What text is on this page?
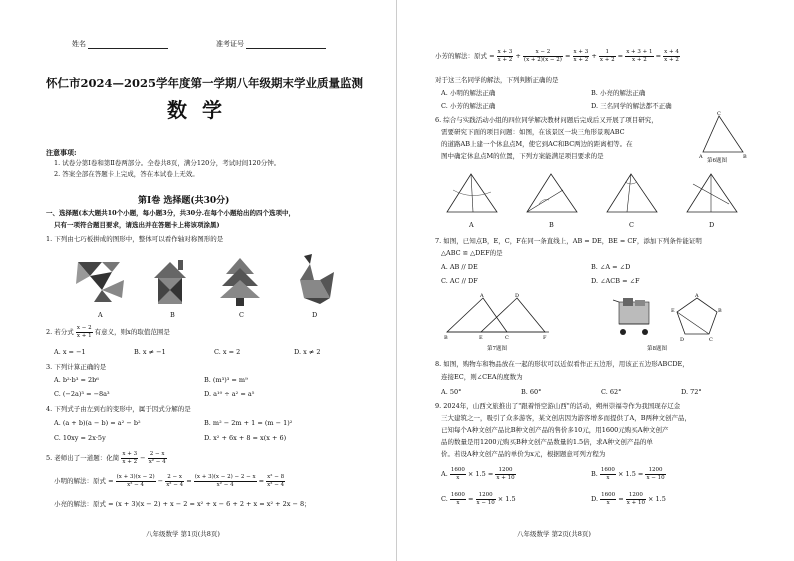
姓名	准考证号
怀仁市2024—2025学年度第一学期八年级期末学业质量监测
数 学
注意事项:
1. 试卷分第Ⅰ卷和第Ⅱ卷两部分。全卷共8页，满分120分，考试时间120分钟。
2. 答案全部在答题卡上完成，答在本试卷上无效。
第Ⅰ卷 选择题(共30分)
一、选择题(本大题共10个小题，每小题3分，共30分.在每个小题给出的四个选项中，
只有一项符合题目要求，请选出并在答题卡上将该项涂黑)
1. 下列由七巧板拼成的图形中，整体可以看作轴对称图形的是
A	B	C	D
2. 若分式 $\frac{x - 2}{x + 1}$ 有意义，则x的取值范围是
A. x = −1	B. x ≠ −1	C. x = 2	D. x ≠ 2
3. 下列计算正确的是
A. b²·b³ = 2b⁶	B. (m³)³ = m⁹
C. (−2a)³ = −8a³	D. a¹⁰ ÷ a² = a⁵
4. 下列式子由左到右的变形中，属于因式分解的是
A. (a + b)(a − b) = a² − b²	B. m² − 2m + 1 = (m − 1)²
C. 10xy = 2x·5y	D. x² + 6x + 8 = x(x + 6)
5. 老师出了一道题：化简 $\frac{x + 3}{x + 2} - \frac{2 - x}{\text{x² − 4}}$
小明的解法：原式 = $\frac{(x + 3)(x - 2)}{\text{x² − 4}} - \frac{2 - x}{\text{x² − 4}} = \frac{(x + 3)(x - 2) - 2 - x}{\text{x² − 4}} = \frac{\text{x² − 8}}{\text{x² − 4}}$
小亮的解法：原式 = (x + 3)(x − 2) + x − 2 = x² + x − 6 + 2 + x = x² + 2x − 8；
八年级数学 第1页(共8页)
小芳的解法：原式 = $\frac{x + 3}{x + 2} + \frac{x - 2}{(x + 2)(x - 2)} = \frac{x + 3}{x + 2} + \frac{1}{x + 2} = \frac{x + 3 + 1}{x + 2} = \frac{x + 4}{x + 2}$
对于这三名同学的解法，下列判断正确的是
A. 小明的解法正确	B. 小亮的解法正确
C. 小芳的解法正确	D. 三名同学的解法都不正确
6. 综合与实践活动小组的四位同学解决教材问题后完成后又开展了项目研究，
需要研究下面的项目问题：如图，在该景区一块三角形景观ABC
的道路AB上建一个休息点M，使它到AC和BC两边的距离相等。在
图中确定休息点M的位置，下列方案能满足项目要求的是
C
A	B
第6题图
A	B	C	D
7. 如图，已知点B，E，C，F在同一条直线上，AB = DE，BE = CF，添加下列条件能证明
△ABC ≌ △DEF的是
A. AB // DE	B. ∠A = ∠D
C. AC // DF	D. ∠ACB = ∠F
A	D
B	E	C	F
第7题图
A
B
C
D
E
第8题图
8. 如图，购物车和物品放在一起的形状可以近似看作正五边形，用该正五边形ABCDE，
连接EC，则∠CEA的度数为
A. 50°	B. 60°	C. 62°	D. 72°
9. 2024年，山西文旅推出了"跟着悟空游山西"的活动，朔州崇福寺作为我国现存辽金
三大建筑之一，吸引了众多游客，某文创店因为游客增多而提供了A，B两种文创产品，
已知每个A种文创产品比B种文创产品的售价多10元，用1600元购买A种文创产
品的数量是用1200元购买B种文创产品数量的1.5倍，求A种文创产品的单
价。若设A种文创产品的单价为x元，根据题意可列方程为
A. $\frac{1600}{x} \times 1.5 = \frac{1200}{x + 10}$	B. $\frac{1600}{x} \times 1.5 = \frac{1200}{x - 10}$
C. $\frac{1600}{x} = \frac{1200}{x - 10} \times 1.5$	D. $\frac{1600}{x} = \frac{1200}{x + 10} \times 1.5$
八年级数学 第2页(共8页)
